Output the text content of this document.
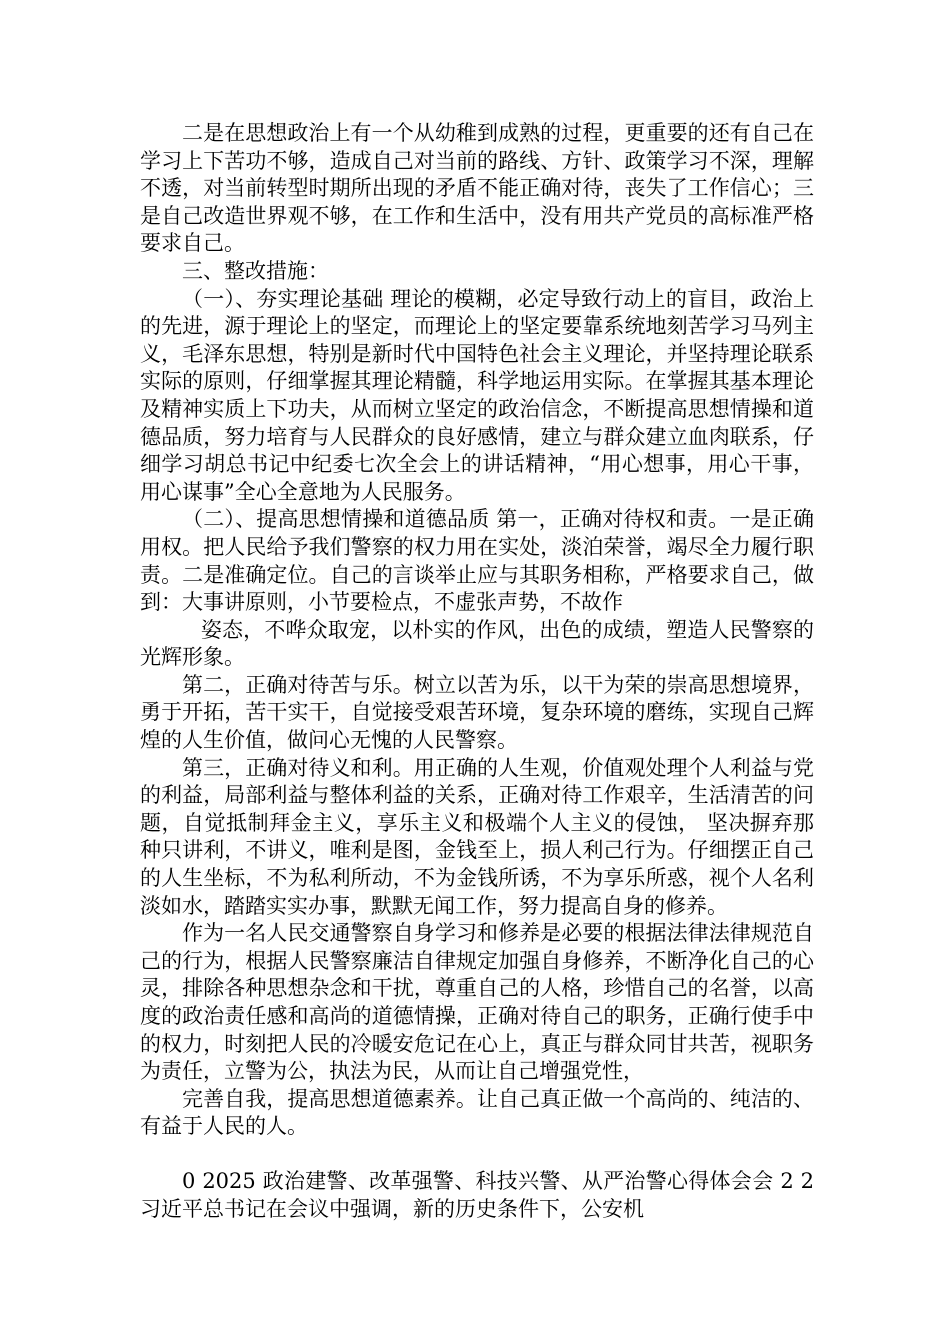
二是在思想政治上有一个从幼稚到成熟的过程，更重要的还有自己在学习上下苦功不够，造成自己对当前的路线、方针、政策学习不深，理解不透，对当前转型时期所出现的矛盾不能正确对待，丧失了工作信心；三是自己改造世界观不够，在工作和生活中，没有用共产党员的高标准严格要求自己。

三、整改措施：

（一）、夯实理论基础 理论的模糊，必定导致行动上的盲目，政治上的先进，源于理论上的坚定，而理论上的坚定要靠系统地刻苦学习马列主义，毛泽东思想，特别是新时代中国特色社会主义理论，并坚持理论联系实际的原则，仔细掌握其理论精髓，科学地运用实际。在掌握其基本理论及精神实质上下功夫，从而树立坚定的政治信念，不断提高思想情操和道德品质，努力培育与人民群众的良好感情，建立与群众建立血肉联系，仔细学习胡总书记中纪委七次全会上的讲话精神，“用心想事，用心干事，用心谋事”全心全意地为人民服务。

（二）、提高思想情操和道德品质 第一，正确对待权和责。一是正确用权。把人民给予我们警察的权力用在实处，淡泊荣誉，竭尽全力履行职责。二是准确定位。自己的言谈举止应与其职务相称，严格要求自己，做到：大事讲原则，小节要检点，不虚张声势，不故作

姿态，不哗众取宠，以朴实的作风，出色的成绩，塑造人民警察的光辉形象。

第二，正确对待苦与乐。树立以苦为乐，以干为荣的崇高思想境界，勇于开拓，苦干实干，自觉接受艰苦环境，复杂环境的磨练，实现自己辉煌的人生价值，做问心无愧的人民警察。

第三，正确对待义和利。用正确的人生观，价值观处理个人利益与党的利益，局部利益与整体利益的关系，正确对待工作艰辛，生活清苦的问题，自觉抵制拜金主义，享乐主义和极端个人主义的侵蚀， 坚决摒弃那种只讲利，不讲义，唯利是图，金钱至上，损人利己行为。仔细摆正自己的人生坐标，不为私利所动，不为金钱所诱，不为享乐所惑，视个人名利淡如水，踏踏实实办事，默默无闻工作，努力提高自身的修养。

作为一名人民交通警察自身学习和修养是必要的根据法律法律规范自己的行为，根据人民警察廉洁自律规定加强自身修养，不断净化自己的心灵，排除各种思想杂念和干扰，尊重自己的人格，珍惜自己的名誉，以高度的政治责任感和高尚的道德情操，正确对待自己的职务，正确行使手中的权力，时刻把人民的冷暖安危记在心上，真正与群众同甘共苦，视职务为责任，立警为公，执法为民，从而让自己增强党性，

完善自我，提高思想道德素养。让自己真正做一个高尚的、纯洁的、有益于人民的人。

0 2025 政治建警、改革强警、科技兴警、从严治警心得体会会 2 2　　习近平总书记在会议中强调，新的历史条件下，公安机
